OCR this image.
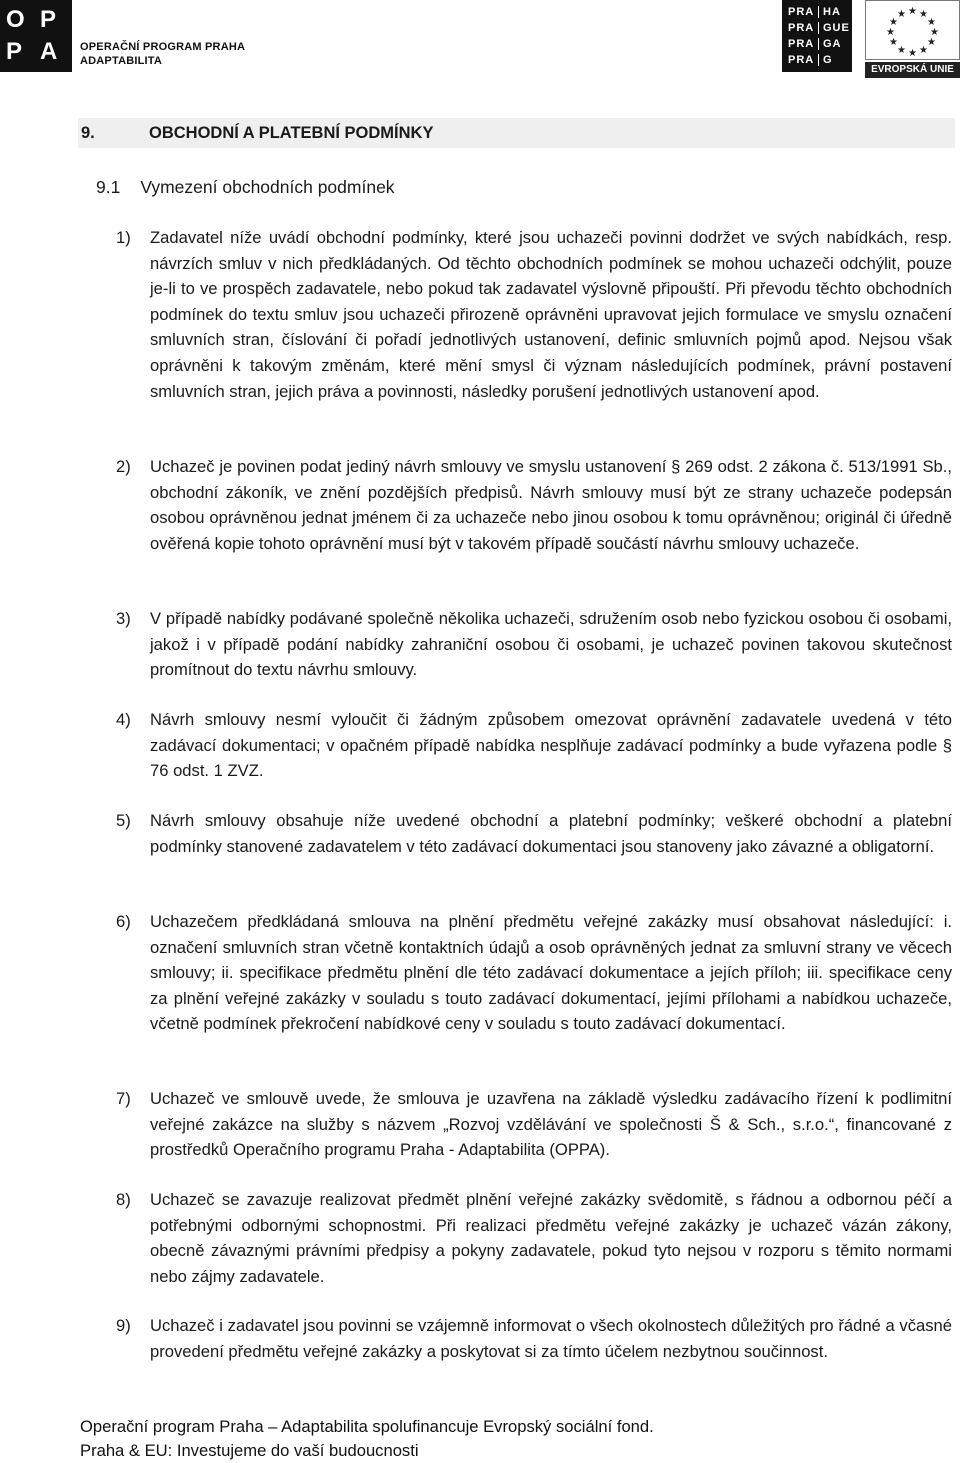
O P
P A OPERAČNÍ PROGRAM PRAHA
ADAPTABILITA
PRA HA
PRA GUE
PRA GA
PRA G
★ ★
★
★
★
★
★
★
★
★
★
★
EVROPSKÁ UNIE
9.	OBCHODNÍ A PLATEBNÍ PODMÍNKY
9.1 Vymezení obchodních podmínek
1) Zadavatel níže uvádí obchodní podmínky, které jsou uchazeči povinni dodržet ve svých nabídkách, resp. návrzích smluv v nich předkládaných. Od těchto obchodních podmínek se mohou uchazeči odchýlit, pouze je-li to ve prospěch zadavatele, nebo pokud tak zadavatel výslovně připouští. Při převodu těchto obchodních podmínek do textu smluv jsou uchazeči přirozeně oprávněni upravovat jejich formulace ve smyslu označení smluvních stran, číslování či pořadí jednotlivých ustanovení, definic smluvních pojmů apod. Nejsou však oprávněni k takovým změnám, které mění smysl či význam následujících podmínek, právní postavení smluvních stran, jejich práva a povinnosti, následky porušení jednotlivých ustanovení apod.
2) Uchazeč je povinen podat jediný návrh smlouvy ve smyslu ustanovení § 269 odst. 2 zákona č. 513/1991 Sb., obchodní zákoník, ve znění pozdějších předpisů. Návrh smlouvy musí být ze strany uchazeče podepsán osobou oprávněnou jednat jménem či za uchazeče nebo jinou osobou k tomu oprávněnou; originál či úředně ověřená kopie tohoto oprávnění musí být v takovém případě součástí návrhu smlouvy uchazeče.
3) V případě nabídky podávané společně několika uchazeči, sdružením osob nebo fyzickou osobou či osobami, jakož i v případě podání nabídky zahraniční osobou či osobami, je uchazeč povinen takovou skutečnost promítnout do textu návrhu smlouvy.
4) Návrh smlouvy nesmí vyloučit či žádným způsobem omezovat oprávnění zadavatele uvedená v této zadávací dokumentaci; v opačném případě nabídka nesplňuje zadávací podmínky a bude vyřazena podle § 76 odst. 1 ZVZ.
5) Návrh smlouvy obsahuje níže uvedené obchodní a platební podmínky; veškeré obchodní a platební podmínky stanovené zadavatelem v této zadávací dokumentaci jsou stanoveny jako závazné a obligatorní.
6) Uchazečem předkládaná smlouva na plnění předmětu veřejné zakázky musí obsahovat následující: i. označení smluvních stran včetně kontaktních údajů a osob oprávněných jednat za smluvní strany ve věcech smlouvy; ii. specifikace předmětu plnění dle této zadávací dokumentace a jejích příloh; iii. specifikace ceny za plnění veřejné zakázky v souladu s touto zadávací dokumentací, jejími přílohami a nabídkou uchazeče, včetně podmínek překročení nabídkové ceny v souladu s touto zadávací dokumentací.
7) Uchazeč ve smlouvě uvede, že smlouva je uzavřena na základě výsledku zadávacího řízení k podlimitní veřejné zakázce na služby s názvem „Rozvoj vzdělávání ve společnosti Š & Sch., s.r.o.“, financované z prostředků Operačního programu Praha - Adaptabilita (OPPA).
8) Uchazeč se zavazuje realizovat předmět plnění veřejné zakázky svědomitě, s řádnou a odbornou péčí a potřebnými odbornými schopnostmi. Při realizaci předmětu veřejné zakázky je uchazeč vázán zákony, obecně závaznými právními předpisy a pokyny zadavatele, pokud tyto nejsou v rozporu s těmito normami nebo zájmy zadavatele.
9) Uchazeč i zadavatel jsou povinni se vzájemně informovat o všech okolnostech důležitých pro řádné a včasné provedení předmětu veřejné zakázky a poskytovat si za tímto účelem nezbytnou součinnost.
Operační program Praha – Adaptabilita spolufinancuje Evropský sociální fond.
Praha & EU: Investujeme do vaší budoucnosti
